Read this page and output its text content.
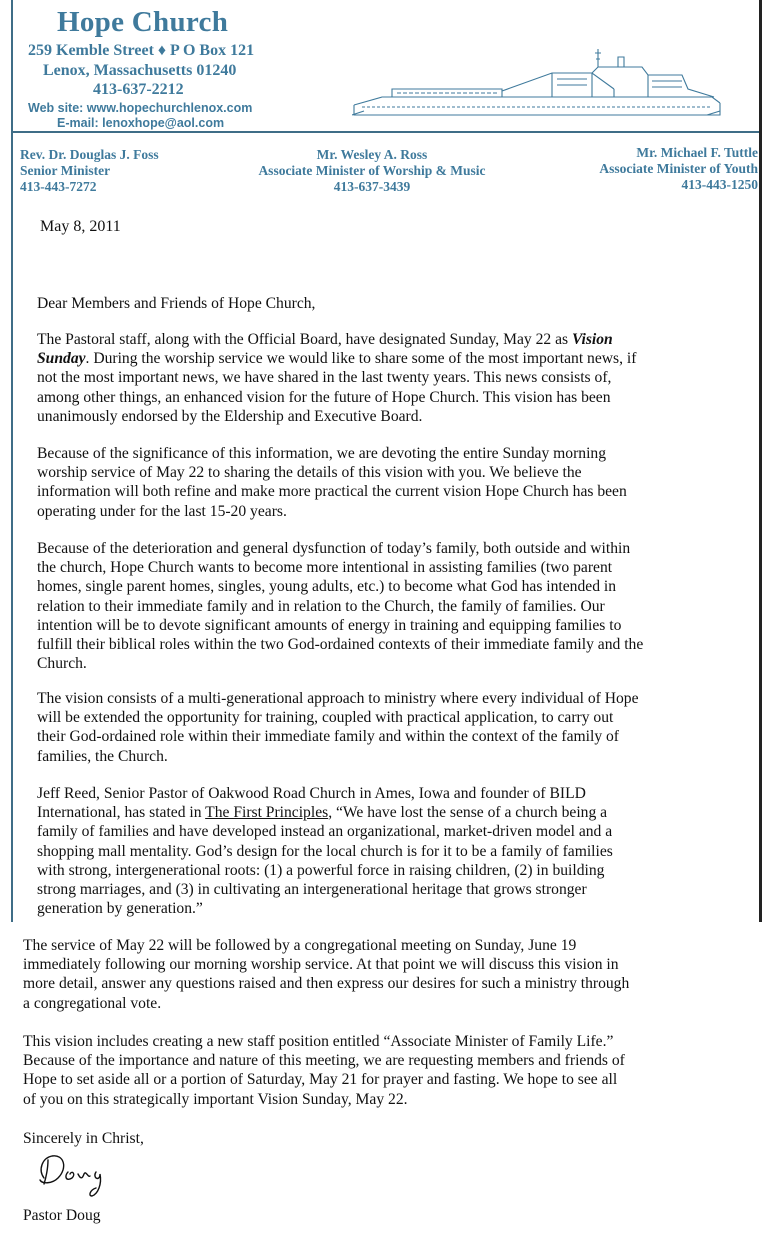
Hope Church
259 Kemble Street ♦ P O Box 121
Lenox, Massachusetts 01240
413-637-2212
Web site: www.hopechurchlenox.com
E-mail: lenoxhope@aol.com
Rev. Dr. Douglas J. Foss
Senior Minister
413-443-7272
Mr. Wesley A. Ross
Associate Minister of Worship & Music
413-637-3439
Mr. Michael F. Tuttle
Associate Minister of Youth
413-443-1250
May 8, 2011
Dear Members and Friends of Hope Church,
The Pastoral staff, along with the Official Board, have designated Sunday, May 22 as Vision
Sunday. During the worship service we would like to share some of the most important news, if
not the most important news, we have shared in the last twenty years. This news consists of,
among other things, an enhanced vision for the future of Hope Church. This vision has been
unanimously endorsed by the Eldership and Executive Board.
Because of the significance of this information, we are devoting the entire Sunday morning
worship service of May 22 to sharing the details of this vision with you. We believe the
information will both refine and make more practical the current vision Hope Church has been
operating under for the last 15-20 years.
Because of the deterioration and general dysfunction of today’s family, both outside and within
the church, Hope Church wants to become more intentional in assisting families (two parent
homes, single parent homes, singles, young adults, etc.) to become what God has intended in
relation to their immediate family and in relation to the Church, the family of families. Our
intention will be to devote significant amounts of energy in training and equipping families to
fulfill their biblical roles within the two God-ordained contexts of their immediate family and the
Church.
The vision consists of a multi-generational approach to ministry where every individual of Hope
will be extended the opportunity for training, coupled with practical application, to carry out
their God-ordained role within their immediate family and within the context of the family of
families, the Church.
Jeff Reed, Senior Pastor of Oakwood Road Church in Ames, Iowa and founder of BILD
International, has stated in The First Principles, “We have lost the sense of a church being a
family of families and have developed instead an organizational, market-driven model and a
shopping mall mentality. God’s design for the local church is for it to be a family of families
with strong, intergenerational roots: (1) a powerful force in raising children, (2) in building
strong marriages, and (3) in cultivating an intergenerational heritage that grows stronger
generation by generation.”
The service of May 22 will be followed by a congregational meeting on Sunday, June 19
immediately following our morning worship service. At that point we will discuss this vision in
more detail, answer any questions raised and then express our desires for such a ministry through
a congregational vote.
This vision includes creating a new staff position entitled “Associate Minister of Family Life.”
Because of the importance and nature of this meeting, we are requesting members and friends of
Hope to set aside all or a portion of Saturday, May 21 for prayer and fasting. We hope to see all
of you on this strategically important Vision Sunday, May 22.
Sincerely in Christ,
Pastor Doug
